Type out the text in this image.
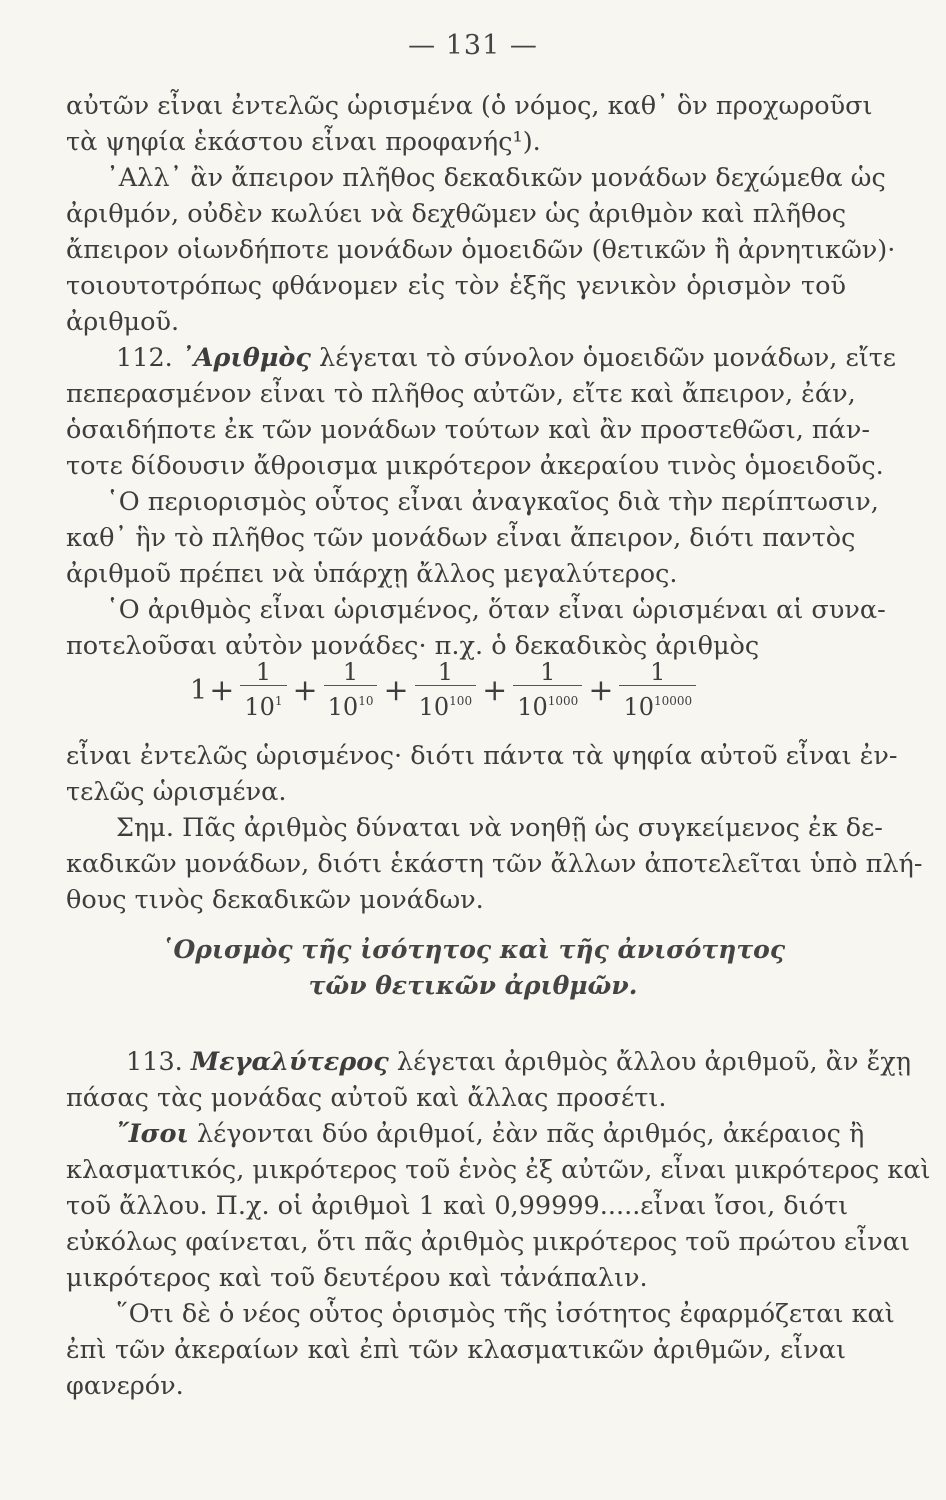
— 131 —
αὐτῶν εἶναι ἐντελῶς ὡρισμένα (ὁ νόμος, καθ᾽ ὃν προχωροῦσι
τὰ ψηφία ἑκάστου εἶναι προφανής¹).
᾽Αλλ᾽ ἂν ἄπειρον πλῆθος δεκαδικῶν μονάδων δεχώμεθα ὡς
ἀριθμόν, οὐδὲν κωλύει νὰ δεχθῶμεν ὡς ἀριθμὸν καὶ πλῆθος
ἄπειρον οἱωνδήποτε μονάδων ὁμοειδῶν (θετικῶν ἢ ἀρνητικῶν)·
τοιουτοτρόπως φθάνομεν εἰς τὸν ἑξῆς γενικὸν ὁρισμὸν τοῦ
ἀριθμοῦ.
112. ᾽Αριθμὸς λέγεται τὸ σύνολον ὁμοειδῶν μονάδων, εἴτε
πεπερασμένον εἶναι τὸ πλῆθος αὐτῶν, εἴτε καὶ ἄπειρον, ἐάν,
ὁσαιδήποτε ἐκ τῶν μονάδων τούτων καὶ ἂν προστεθῶσι, πάν-
τοτε δίδουσιν ἄθροισμα μικρότερον ἀκεραίου τινὸς ὁμοειδοῦς.
῾Ο περιορισμὸς οὗτος εἶναι ἀναγκαῖος διὰ τὴν περίπτωσιν,
καθ᾽ ἣν τὸ πλῆθος τῶν μονάδων εἶναι ἄπειρον, διότι παντὸς
ἀριθμοῦ πρέπει νὰ ὑπάρχῃ ἄλλος μεγαλύτερος.
῾Ο ἀριθμὸς εἶναι ὡρισμένος, ὅταν εἶναι ὡρισμέναι αἱ συνα-
ποτελοῦσαι αὐτὸν μονάδες· π.χ. ὁ δεκαδικὸς ἀριθμὸς
$1 + \frac{1}{10^1} + \frac{1}{10^{10}} + \frac{1}{10^{100}} + \frac{1}{10^{1000}} + \frac{1}{10^{10000}}$
εἶναι ἐντελῶς ὡρισμένος· διότι πάντα τὰ ψηφία αὐτοῦ εἶναι ἐν-
τελῶς ὡρισμένα.
Σημ. Πᾶς ἀριθμὸς δύναται νὰ νοηθῇ ὡς συγκείμενος ἐκ δε-
καδικῶν μονάδων, διότι ἑκάστη τῶν ἄλλων ἀποτελεῖται ὑπὸ πλή-
θους τινὸς δεκαδικῶν μονάδων.
῾Ορισμὸς τῆς ἰσότητος καὶ τῆς ἀνισότητος
τῶν θετικῶν ἀριθμῶν.
113. Μεγαλύτερος λέγεται ἀριθμὸς ἄλλου ἀριθμοῦ, ἂν ἔχῃ
πάσας τὰς μονάδας αὐτοῦ καὶ ἄλλας προσέτι.
῎Ισοι λέγονται δύο ἀριθμοί, ἐὰν πᾶς ἀριθμός, ἀκέραιος ἢ
κλασματικός, μικρότερος τοῦ ἑνὸς ἐξ αὐτῶν, εἶναι μικρότερος καὶ
τοῦ ἄλλου. Π.χ. οἱ ἀριθμοὶ 1 καὶ 0,99999.....εἶναι ἴσοι, διότι
εὐκόλως φαίνεται, ὅτι πᾶς ἀριθμὸς μικρότερος τοῦ πρώτου εἶναι
μικρότερος καὶ τοῦ δευτέρου καὶ τἀνάπαλιν.
῞Οτι δὲ ὁ νέος οὗτος ὁρισμὸς τῆς ἰσότητος ἐφαρμόζεται καὶ
ἐπὶ τῶν ἀκεραίων καὶ ἐπὶ τῶν κλασματικῶν ἀριθμῶν, εἶναι
φανερόν.
